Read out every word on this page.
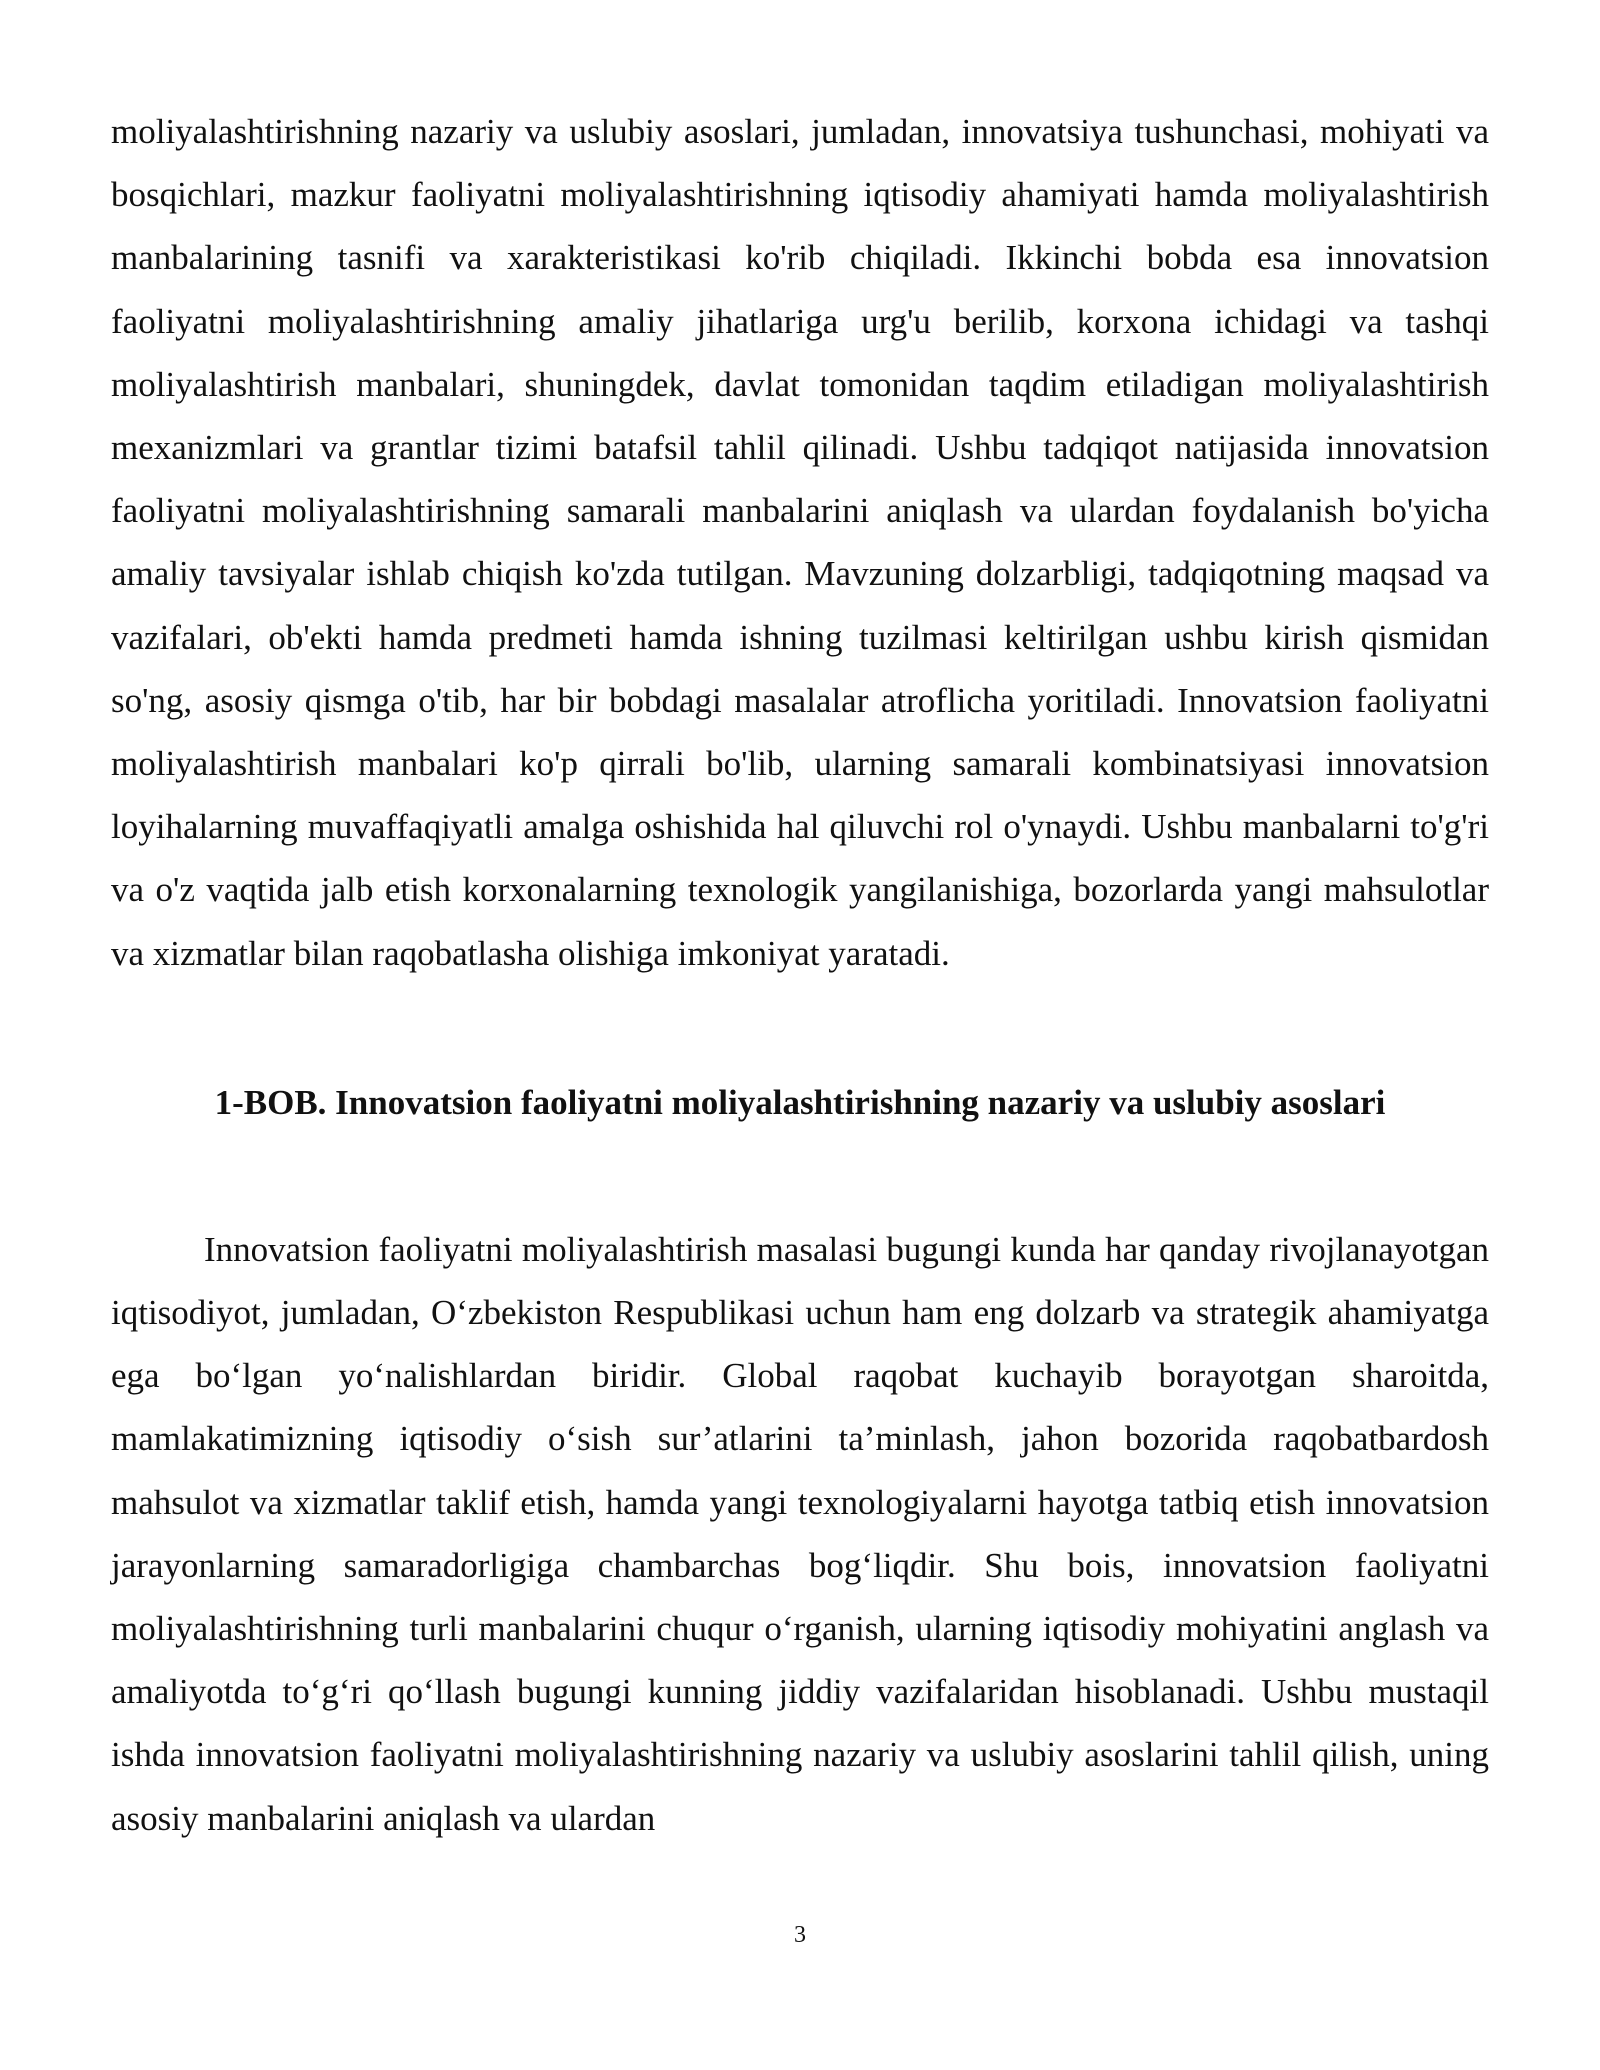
moliyalashtirishning nazariy va uslubiy asoslari, jumladan, innovatsiya tushunchasi, mohiyati va bosqichlari, mazkur faoliyatni moliyalashtirishning iqtisodiy ahamiyati hamda moliyalashtirish manbalarining tasnifi va xarakteristikasi ko'rib chiqiladi. Ikkinchi bobda esa innovatsion faoliyatni moliyalashtirishning amaliy jihatlariga urg'u berilib, korxona ichidagi va tashqi moliyalashtirish manbalari, shuningdek, davlat tomonidan taqdim etiladigan moliyalashtirish mexanizmlari va grantlar tizimi batafsil tahlil qilinadi. Ushbu tadqiqot natijasida innovatsion faoliyatni moliyalashtirishning samarali manbalarini aniqlash va ulardan foydalanish bo'yicha amaliy tavsiyalar ishlab chiqish ko'zda tutilgan. Mavzuning dolzarbligi, tadqiqotning maqsad va vazifalari, ob'ekti hamda predmeti hamda ishning tuzilmasi keltirilgan ushbu kirish qismidan so'ng, asosiy qismga o'tib, har bir bobdagi masalalar atroflicha yoritiladi. Innovatsion faoliyatni moliyalashtirish manbalari ko'p qirrali bo'lib, ularning samarali kombinatsiyasi innovatsion loyihalarning muvaffaqiyatli amalga oshishida hal qiluvchi rol o'ynaydi. Ushbu manbalarni to'g'ri va o'z vaqtida jalb etish korxonalarning texnologik yangilanishiga, bozorlarda yangi mahsulotlar va xizmatlar bilan raqobatlasha olishiga imkoniyat yaratadi.

1-BOB. Innovatsion faoliyatni moliyalashtirishning nazariy va uslubiy asoslari

Innovatsion faoliyatni moliyalashtirish masalasi bugungi kunda har qanday rivojlanayotgan iqtisodiyot, jumladan, O‘zbekiston Respublikasi uchun ham eng dolzarb va strategik ahamiyatga ega bo‘lgan yo‘nalishlardan biridir. Global raqobat kuchayib borayotgan sharoitda, mamlakatimizning iqtisodiy o‘sish sur’atlarini ta’minlash, jahon bozorida raqobatbardosh mahsulot va xizmatlar taklif etish, hamda yangi texnologiyalarni hayotga tatbiq etish innovatsion jarayonlarning samaradorligiga chambarchas bog‘liqdir. Shu bois, innovatsion faoliyatni moliyalashtirishning turli manbalarini chuqur o‘rganish, ularning iqtisodiy mohiyatini anglash va amaliyotda to‘g‘ri qo‘llash bugungi kunning jiddiy vazifalaridan hisoblanadi. Ushbu mustaqil ishda innovatsion faoliyatni moliyalashtirishning nazariy va uslubiy asoslarini tahlil qilish, uning asosiy manbalarini aniqlash va ulardan

3
